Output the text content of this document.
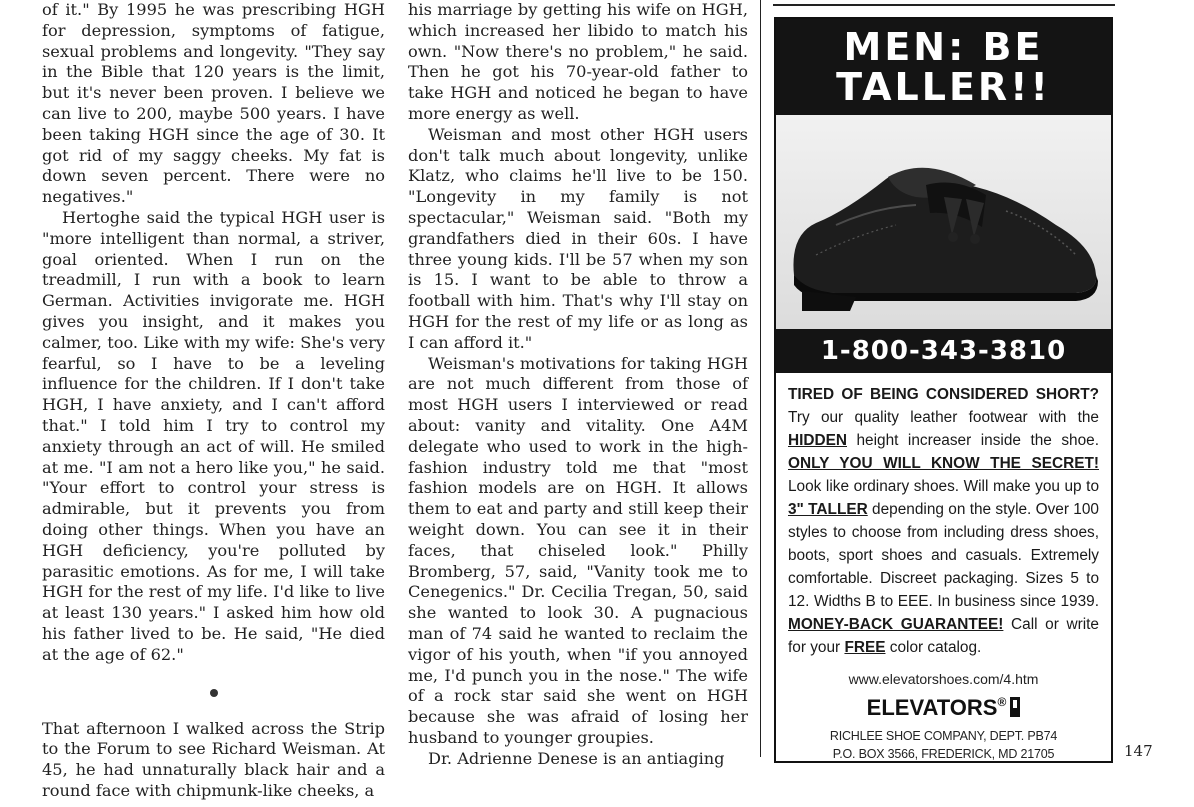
of it." By 1995 he was prescribing HGH for depression, symptoms of fatigue, sexual problems and longevity. "They say in the Bible that 120 years is the limit, but it's never been proven. I believe we can live to 200, maybe 500 years. I have been taking HGH since the age of 30. It got rid of my saggy cheeks. My fat is down seven percent. There were no negatives."

Hertoghe said the typical HGH user is "more intelligent than normal, a striver, goal oriented. When I run on the treadmill, I run with a book to learn German. Activities invigorate me. HGH gives you insight, and it makes you calmer, too. Like with my wife: She's very fearful, so I have to be a leveling influence for the children. If I don't take HGH, I have anxiety, and I can't afford that." I told him I try to control my anxiety through an act of will. He smiled at me. "I am not a hero like you," he said. "Your effort to control your stress is admirable, but it prevents you from doing other things. When you have an HGH deficiency, you're polluted by parasitic emotions. As for me, I will take HGH for the rest of my life. I'd like to live at least 130 years." I asked him how old his father lived to be. He said, "He died at the age of 62."

That afternoon I walked across the Strip to the Forum to see Richard Weisman. At 45, he had unnaturally black hair and a round face with chipmunk-like cheeks, a

his marriage by getting his wife on HGH, which increased her libido to match his own. "Now there's no problem," he said. Then he got his 70-year-old father to take HGH and noticed he began to have more energy as well.

Weisman and most other HGH users don't talk much about longevity, unlike Klatz, who claims he'll live to be 150. "Longevity in my family is not spectacular," Weisman said. "Both my grandfathers died in their 60s. I have three young kids. I'll be 57 when my son is 15. I want to be able to throw a football with him. That's why I'll stay on HGH for the rest of my life or as long as I can afford it."

Weisman's motivations for taking HGH are not much different from those of most HGH users I interviewed or read about: vanity and vitality. One A4M delegate who used to work in the high-fashion industry told me that "most fashion models are on HGH. It allows them to eat and party and still keep their weight down. You can see it in their faces, that chiseled look." Philly Bromberg, 57, said, "Vanity took me to Cenegenics." Dr. Cecilia Tregan, 50, said she wanted to look 30. A pugnacious man of 74 said he wanted to reclaim the vigor of his youth, when "if you annoyed me, I'd punch you in the nose." The wife of a rock star said she went on HGH because she was afraid of losing her husband to younger groupies.

Dr. Adrienne Denese is an antiaging

MEN: BE
TALLER!!
1-800-343-3810
TIRED OF BEING CONSIDERED SHORT? Try our quality leather footwear with the HIDDEN height increaser inside the shoe. ONLY YOU WILL KNOW THE SECRET! Look like ordinary shoes. Will make you up to 3" TALLER depending on the style. Over 100 styles to choose from including dress shoes, boots, sport shoes and casuals. Extremely comfortable. Discreet packaging. Sizes 5 to 12. Widths B to EEE. In business since 1939. MONEY-BACK GUARANTEE! Call or write for your FREE color catalog.
www.elevatorshoes.com/4.htm
ELEVATORS®
RICHLEE SHOE COMPANY, DEPT. PB74
P.O. BOX 3566, FREDERICK, MD 21705	147
